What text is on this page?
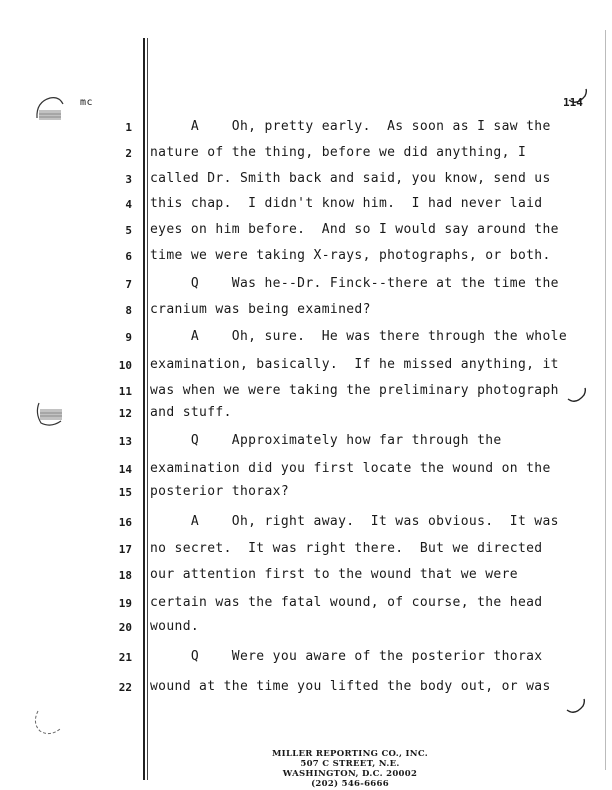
mc	114
1
2
3
4
5
6
7
8
9
10
11
12
13
14
15
16
17
18
19
20
21
22
A    Oh, pretty early.  As soon as I saw the
nature of the thing, before we did anything, I
called Dr. Smith back and said, you know, send us
this chap.  I didn't know him.  I had never laid
eyes on him before.  And so I would say around the
time we were taking X-rays, photographs, or both.
Q    Was he--Dr. Finck--there at the time the
cranium was being examined?
A    Oh, sure.  He was there through the whole
examination, basically.  If he missed anything, it
was when we were taking the preliminary photograph
and stuff.
Q    Approximately how far through the
examination did you first locate the wound on the
posterior thorax?
A    Oh, right away.  It was obvious.  It was
no secret.  It was right there.  But we directed
our attention first to the wound that we were
certain was the fatal wound, of course, the head
wound.
Q    Were you aware of the posterior thorax
wound at the time you lifted the body out, or was
MILLER REPORTING CO., INC.
507 C STREET, N.E.
WASHINGTON, D.C. 20002
(202) 546-6666
